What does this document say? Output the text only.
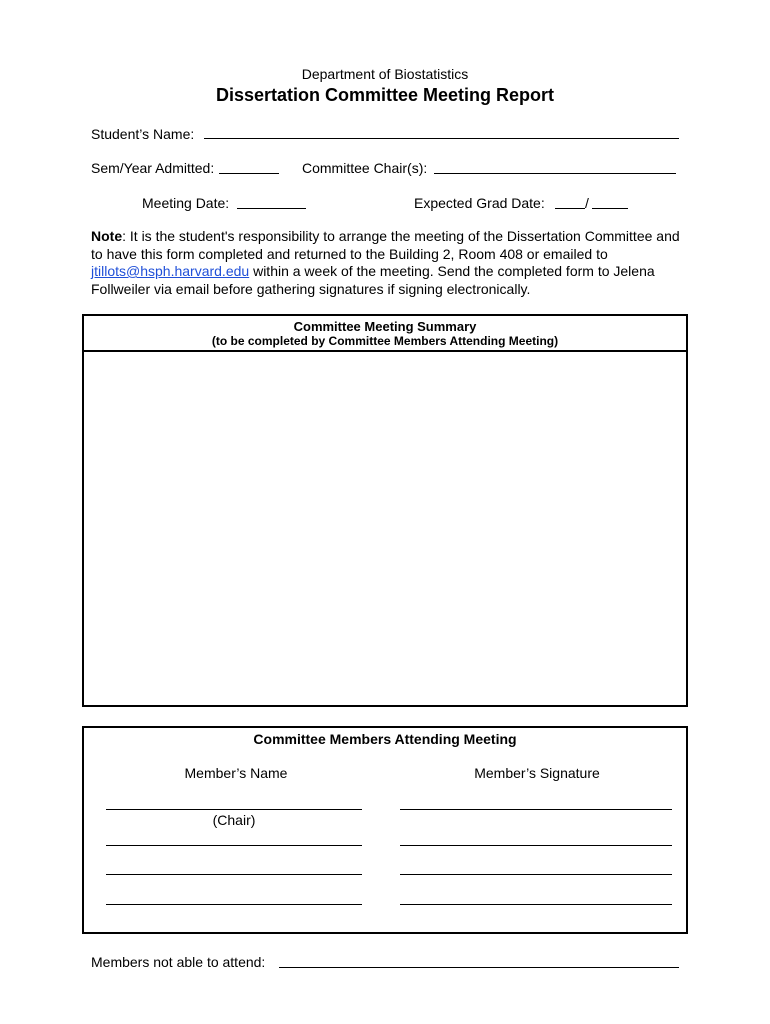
Department of Biostatistics
Dissertation Committee Meeting Report
Student’s Name:
Sem/Year Admitted:	Committee Chair(s):
Meeting Date:	Expected Grad Date:	/
Note: It is the student's responsibility to arrange the meeting of the Dissertation Committee and to have this form completed and returned to the Building 2, Room 408 or emailed to jtillots@hsph.harvard.edu within a week of the meeting. Send the completed form to Jelena Follweiler via email before gathering signatures if signing electronically.
Committee Meeting Summary
(to be completed by Committee Members Attending Meeting)
Committee Members Attending Meeting
Member’s Name	Member’s Signature
(Chair)
Members not able to attend:
